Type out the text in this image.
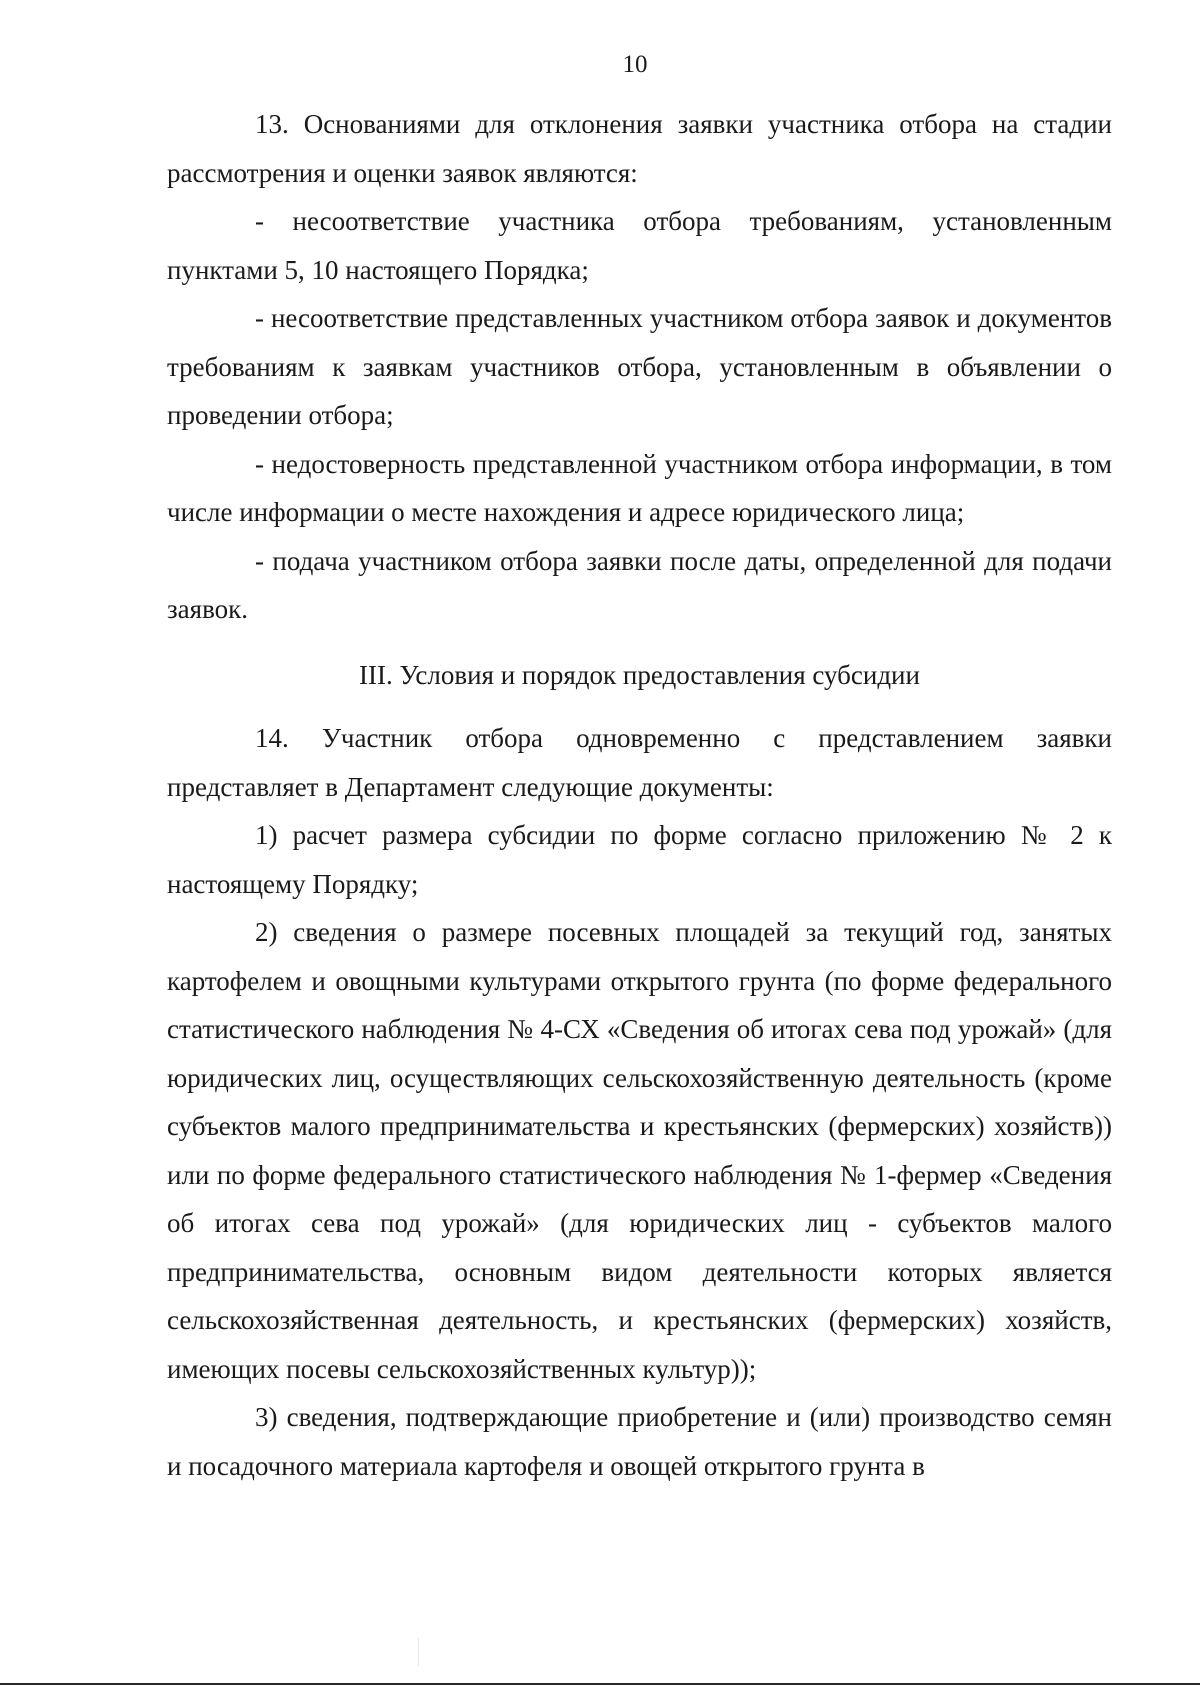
10

13. Основаниями для отклонения заявки участника отбора на стадии рассмотрения и оценки заявок являются:

- несоответствие участника отбора требованиям, установленным пунктами 5, 10 настоящего Порядка;

- несоответствие представленных участником отбора заявок и документов требованиям к заявкам участников отбора, установленным в объявлении о проведении отбора;

- недостоверность представленной участником отбора информации, в том числе информации о месте нахождения и адресе юридического лица;

- подача участником отбора заявки после даты, определенной для подачи заявок.

III. Условия и порядок предоставления субсидии

14. Участник отбора одновременно с представлением заявки представляет в Департамент следующие документы:

1) расчет размера субсидии по форме согласно приложению № 2 к настоящему Порядку;

2) сведения о размере посевных площадей за текущий год, занятых картофелем и овощными культурами открытого грунта (по форме федерального статистического наблюдения № 4-СХ «Сведения об итогах сева под урожай» (для юридических лиц, осуществляющих сельскохозяйственную деятельность (кроме субъектов малого предпринимательства и крестьянских (фермерских) хозяйств)) или по форме федерального статистического наблюдения № 1-фермер «Сведения об итогах сева под урожай» (для юридических лиц - субъектов малого предпринимательства, основным видом деятельности которых является сельскохозяйственная деятельность, и крестьянских (фермерских) хозяйств, имеющих посевы сельскохозяйственных культур));

3) сведения, подтверждающие приобретение и (или) производство семян и посадочного материала картофеля и овощей открытого грунта в
